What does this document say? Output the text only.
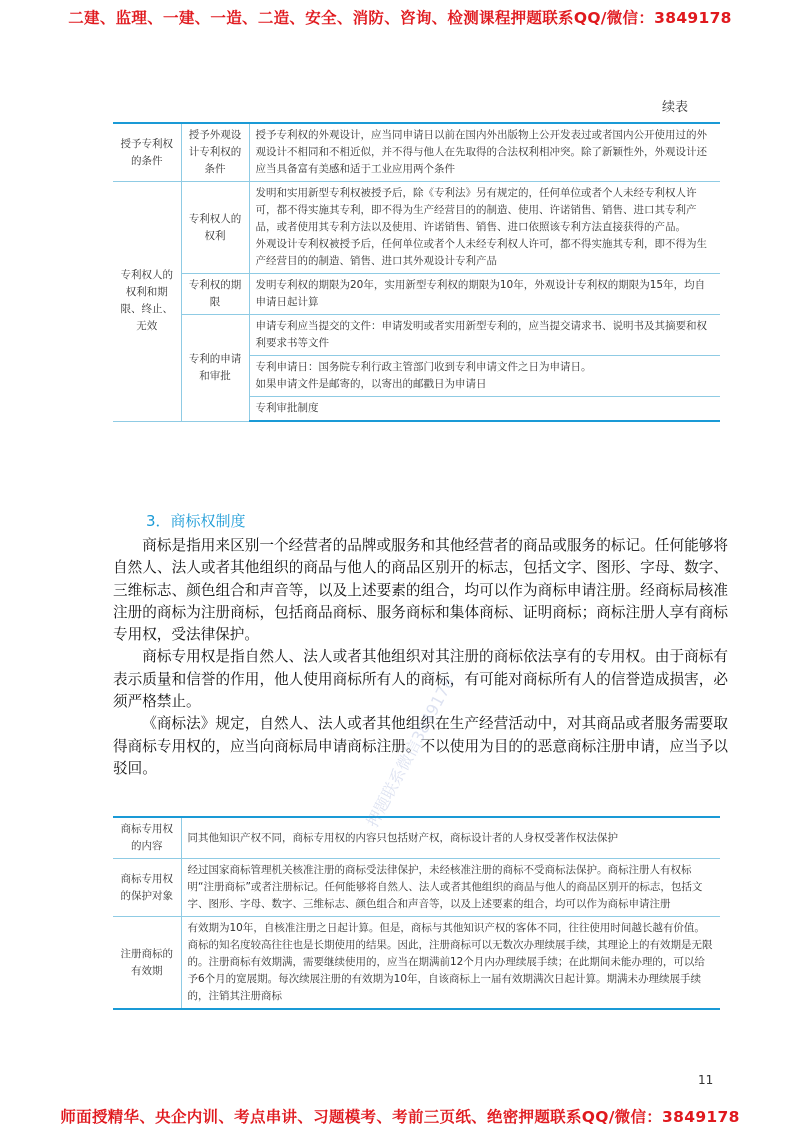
二建、监理、一建、一造、二造、安全、消防、咨询、检测课程押题联系QQ/微信：3849178
续表
授予专利权的条件	授予外观设计专利权的条件	授予专利权的外观设计，应当同申请日以前在国内外出版物上公开发表过或者国内公开使用过的外观设计不相同和不相近似，并不得与他人在先取得的合法权利相冲突。除了新颖性外，外观设计还应当具备富有美感和适于工业应用两个条件
专利权人的权利和期限、终止、无效	专利权人的权利	发明和实用新型专利权被授予后，除《专利法》另有规定的，任何单位或者个人未经专利权人许可，都不得实施其专利，即不得为生产经营目的的制造、使用、许诺销售、销售、进口其专利产品，或者使用其专利方法以及使用、许诺销售、销售、进口依照该专利方法直接获得的产品。
外观设计专利权被授予后，任何单位或者个人未经专利权人许可，都不得实施其专利，即不得为生产经营目的的制造、销售、进口其外观设计专利产品

	专利权的期限	发明专利权的期限为20年，实用新型专利权的期限为10年，外观设计专利权的期限为15年，均自申请日起计算
	专利的申请和审批	申请专利应当提交的文件：申请发明或者实用新型专利的，应当提交请求书、说明书及其摘要和权利要求书等文件

		专利申请日：国务院专利行政主管部门收到专利申请文件之日为申请日。
如果申请文件是邮寄的，以寄出的邮戳日为申请日

		专利审批制度
3．商标权制度

商标是指用来区别一个经营者的品牌或服务和其他经营者的商品或服务的标记。任何能够将自然人、法人或者其他组织的商品与他人的商品区别开的标志，包括文字、图形、字母、数字、三维标志、颜色组合和声音等，以及上述要素的组合，均可以作为商标申请注册。经商标局核准注册的商标为注册商标，包括商品商标、服务商标和集体商标、证明商标；商标注册人享有商标专用权，受法律保护。

商标专用权是指自然人、法人或者其他组织对其注册的商标依法享有的专用权。由于商标有表示质量和信誉的作用，他人使用商标所有人的商标，有可能对商标所有人的信誉造成损害，必须严格禁止。

《商标法》规定，自然人、法人或者其他组织在生产经营活动中，对其商品或者服务需要取得商标专用权的，应当向商标局申请商标注册。不以使用为目的的恶意商标注册申请，应当予以驳回。

商标专用权的内容	同其他知识产权不同，商标专用权的内容只包括财产权，商标设计者的人身权受著作权法保护
商标专用权的保护对象	经过国家商标管理机关核准注册的商标受法律保护，未经核准注册的商标不受商标法保护。商标注册人有权标明“注册商标”或者注册标记。任何能够将自然人、法人或者其他组织的商品与他人的商品区别开的标志，包括文字、图形、字母、数字、三维标志、颜色组合和声音等，以及上述要素的组合，均可以作为商标申请注册
注册商标的有效期	有效期为10年，自核准注册之日起计算。但是，商标与其他知识产权的客体不同，往往使用时间越长越有价值。商标的知名度较高往往也是长期使用的结果。因此，注册商标可以无数次办理续展手续，其理论上的有效期是无限的。注册商标有效期满，需要继续使用的，应当在期满前12个月内办理续展手续；在此期间未能办理的，可以给予6个月的宽展期。每次续展注册的有效期为10年，自该商标上一届有效期满次日起计算。期满未办理续展手续的，注销其注册商标
押题联系微信3849178
11
师面授精华、央企内训、考点串讲、习题模考、考前三页纸、绝密押题联系QQ/微信：3849178
